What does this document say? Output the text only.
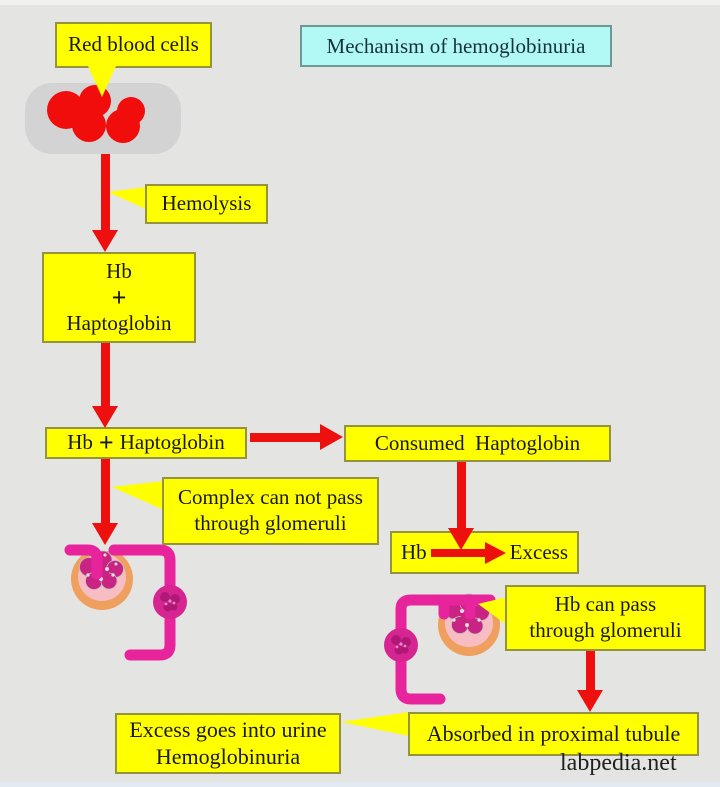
Mechanism of hemoglobinuria
Red blood cells
Hemolysis
Hb
+
Haptoglobin
Hb + Haptoglobin	Consumed  Haptoglobin
Complex can not pass
through glomeruli
Hb	Excess
Hb can pass
through glomeruli
Absorbed in proximal tubule
Excess goes into urine
Hemoglobinuria	labpedia.net
